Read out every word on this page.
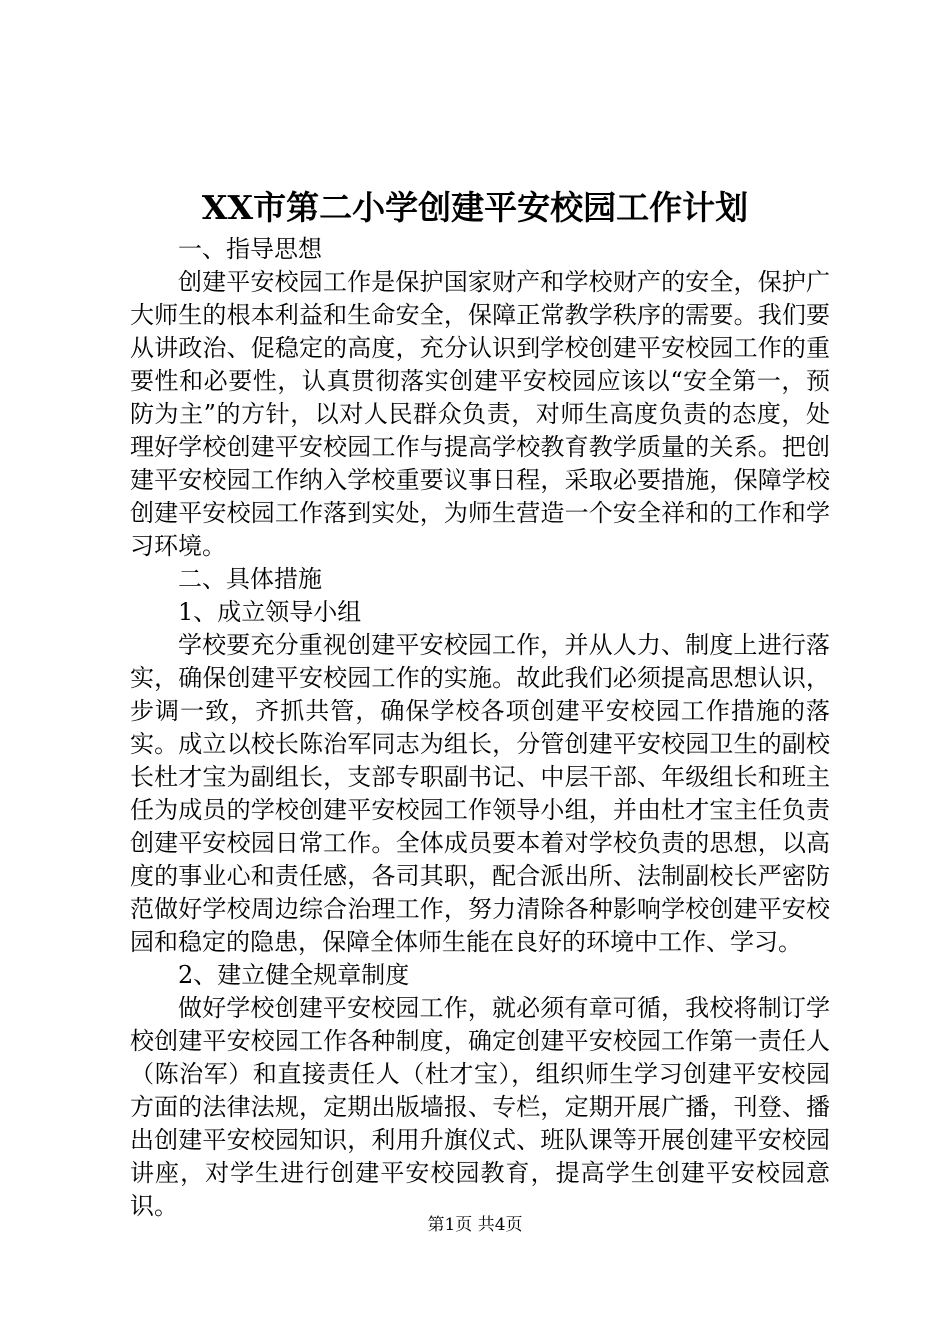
XX市第二小学创建平安校园工作计划

一、指导思想

创建平安校园工作是保护国家财产和学校财产的安全，保护广大师生的根本利益和生命安全，保障正常教学秩序的需要。我们要从讲政治、促稳定的高度，充分认识到学校创建平安校园工作的重要性和必要性，认真贯彻落实创建平安校园应该以“安全第一，预防为主”的方针，以对人民群众负责，对师生高度负责的态度，处理好学校创建平安校园工作与提高学校教育教学质量的关系。把创建平安校园工作纳入学校重要议事日程，采取必要措施，保障学校创建平安校园工作落到实处，为师生营造一个安全祥和的工作和学习环境。

二、具体措施

1、成立领导小组

学校要充分重视创建平安校园工作，并从人力、制度上进行落实，确保创建平安校园工作的实施。故此我们必须提高思想认识，步调一致，齐抓共管，确保学校各项创建平安校园工作措施的落实。成立以校长陈治军同志为组长，分管创建平安校园卫生的副校长杜才宝为副组长，支部专职副书记、中层干部、年级组长和班主任为成员的学校创建平安校园工作领导小组，并由杜才宝主任负责创建平安校园日常工作。全体成员要本着对学校负责的思想，以高度的事业心和责任感，各司其职，配合派出所、法制副校长严密防范做好学校周边综合治理工作，努力清除各种影响学校创建平安校园和稳定的隐患，保障全体师生能在良好的环境中工作、学习。

2、建立健全规章制度

做好学校创建平安校园工作，就必须有章可循，我校将制订学校创建平安校园工作各种制度，确定创建平安校园工作第一责任人（陈治军）和直接责任人（杜才宝），组织师生学习创建平安校园方面的法律法规，定期出版墙报、专栏，定期开展广播，刊登、播出创建平安校园知识，利用升旗仪式、班队课等开展创建平安校园讲座，对学生进行创建平安校园教育，提高学生创建平安校园意识。

第1页 共4页
